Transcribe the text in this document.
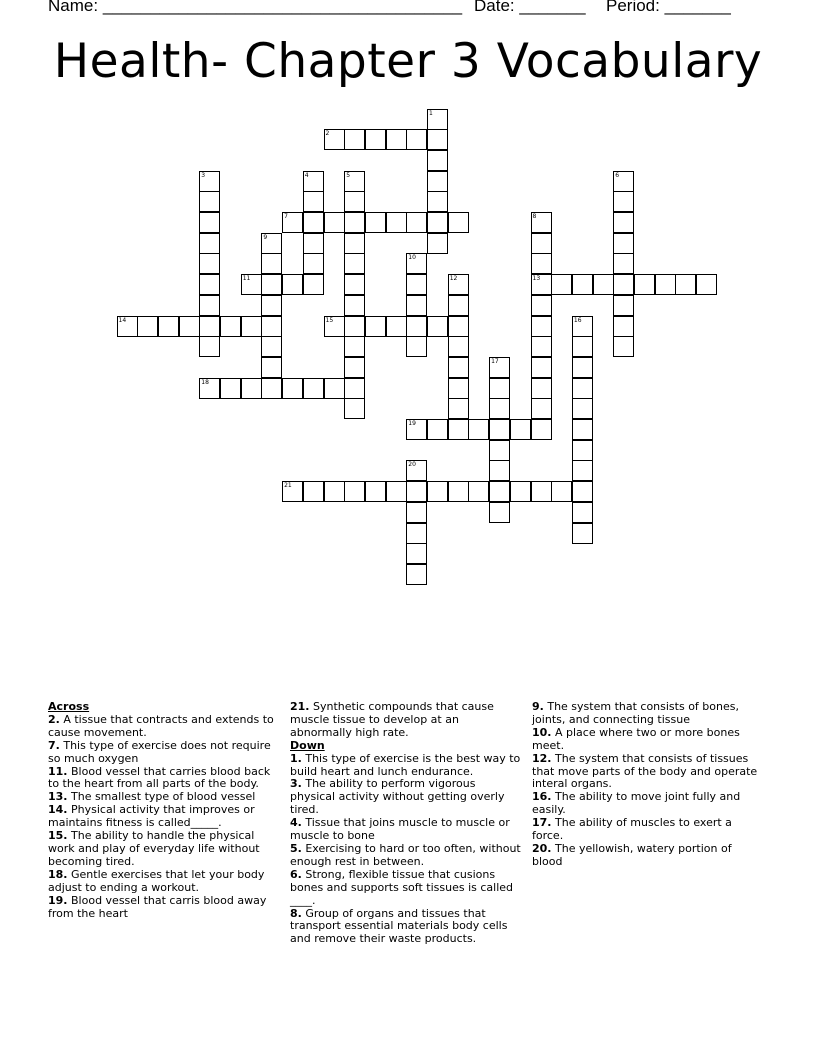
Name: ______________________________________ Date: _______ Period: _______
Health- Chapter 3 Vocabulary
1
2
3	4	5	6
7	8
9
10
11	12	13
14	15	16
17
18
19
20
21
Across
2. A tissue that contracts and extends to cause movement.
7. This type of exercise does not require so much oxygen
11. Blood vessel that carries blood back to the heart from all parts of the body.
13. The smallest type of blood vessel
14. Physical activity that improves or maintains fitness is called_____.
15. The ability to handle the physical work and play of everyday life without becoming tired.
18. Gentle exercises that let your body adjust to ending a workout.
19. Blood vessel that carris blood away from the heart
21. Synthetic compounds that cause muscle tissue to develop at an abnormally high rate.
Down
1. This type of exercise is the best way to build heart and lunch endurance.
3. The ability to perform vigorous physical activity without getting overly tired.
4. Tissue that joins muscle to muscle or muscle to bone
5. Exercising to hard or too often, without enough rest in between.
6. Strong, flexible tissue that cusions bones and supports soft tissues is called ____.
8. Group of organs and tissues that transport essential materials body cells and remove their waste products.
9. The system that consists of bones, joints, and connecting tissue
10. A place where two or more bones meet.
12. The system that consists of tissues that move parts of the body and operate interal organs.
16. The ability to move joint fully and easily.
17. The ability of muscles to exert a force.
20. The yellowish, watery portion of blood
